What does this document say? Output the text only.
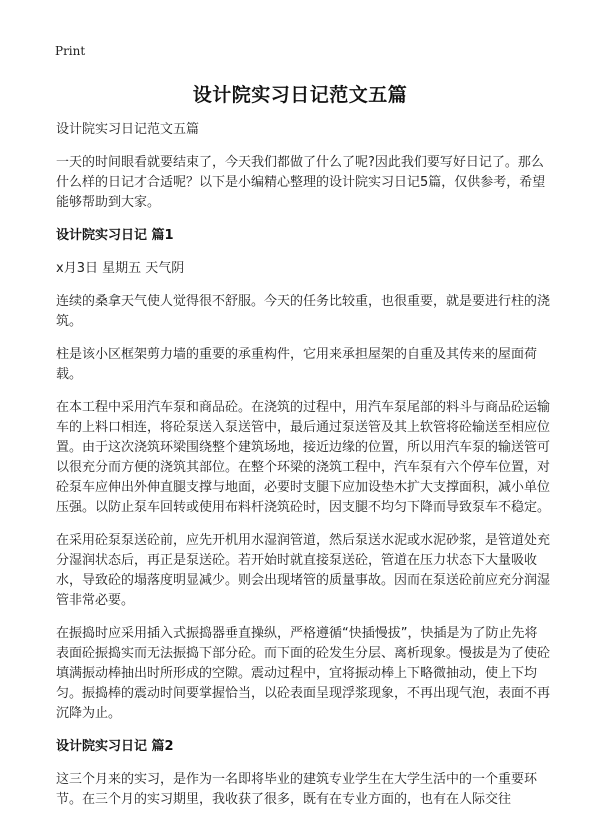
Print
设计院实习日记范文五篇

设计院实习日记范文五篇

一天的时间眼看就要结束了，今天我们都做了什么了呢?因此我们要写好日记了。那么什么样的日记才合适呢？以下是小编精心整理的设计院实习日记5篇，仅供参考，希望能够帮助到大家。

设计院实习日记 篇1

x月3日 星期五 天气阴

连续的桑拿天气使人觉得很不舒服。今天的任务比较重，也很重要，就是要进行柱的浇筑。

柱是该小区框架剪力墙的重要的承重构件，它用来承担屋架的自重及其传来的屋面荷载。

在本工程中采用汽车泵和商品砼。在浇筑的过程中，用汽车泵尾部的料斗与商品砼运输车的上料口相连，将砼泵送入泵送管中，最后通过泵送管及其上软管将砼输送至相应位置。由于这次浇筑环梁围绕整个建筑场地，接近边缘的位置，所以用汽车泵的输送管可以很充分而方便的浇筑其部位。在整个环梁的浇筑工程中，汽车泵有六个停车位置，对砼泵车应伸出外伸直腿支撑与地面，必要时支腿下应加设垫木扩大支撑面积，减小单位压强。以防止泵车回转或使用布料杆浇筑砼时，因支腿不均匀下降而导致泵车不稳定。

在采用砼泵泵送砼前，应先开机用水湿润管道，然后泵送水泥或水泥砂浆，是管道处充分湿润状态后，再正是泵送砼。若开始时就直接泵送砼，管道在压力状态下大量吸收水，导致砼的塌落度明显减少。则会出现堵管的质量事故。因而在泵送砼前应充分润湿管非常必要。

在振捣时应采用插入式振捣器垂直操纵，严格遵循“快插慢拔”，快插是为了防止先将表面砼振捣实而无法振捣下部分砼。而下面的砼发生分层、离析现象。慢拔是为了使砼填满振动棒抽出时所形成的空隙。震动过程中，宜将振动棒上下略微抽动，使上下均匀。振捣棒的震动时间要掌握恰当，以砼表面呈现浮浆现象，不再出现气泡，表面不再沉降为止。

设计院实习日记 篇2

这三个月来的实习，是作为一名即将毕业的建筑专业学生在大学生活中的一个重要环节。在三个月的实习期里，我收获了很多，既有在专业方面的，也有在人际交往
